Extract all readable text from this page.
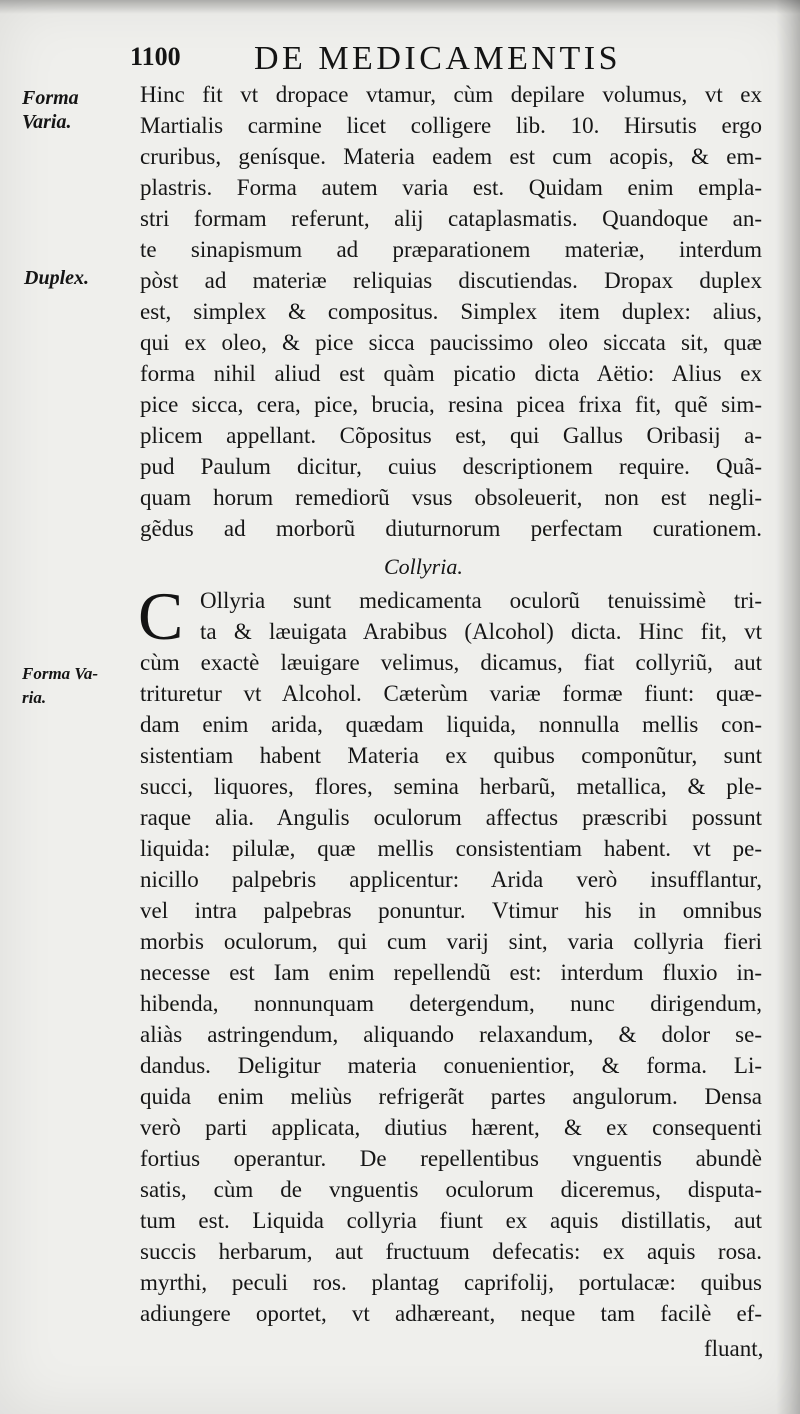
1100 DE MEDICAMENTIS
Forma
Varia.
Duplex.
Forma Va-
ria.
Collyria.
C
Hinc fit vt dropace vtamur, cùm depilare volumus, vt ex
Martialis carmine licet colligere lib. 10. Hirsutis ergo
cruribus, genísque. Materia eadem est cum acopis, & em-
plastris. Forma autem varia est. Quidam enim empla-
stri formam referunt, alij cataplasmatis. Quandoque an-
te sinapismum ad præparationem materiæ, interdum
pòst ad materiæ reliquias discutiendas. Dropax duplex
est, simplex & compositus. Simplex item duplex: alius,
qui ex oleo, & pice sicca paucissimo oleo siccata sit, quæ
forma nihil aliud est quàm picatio dicta Aëtio: Alius ex
pice sicca, cera, pice, brucia, resina picea frixa fit, quẽ sim-
plicem appellant. Cõpositus est, qui Gallus Oribasij a-
pud Paulum dicitur, cuius descriptionem require. Quã-
quam horum remediorũ vsus obsoleuerit, non est negli-
gẽdus ad morborũ diuturnorum perfectam curationem.
Ollyria sunt medicamenta oculorũ tenuissimè tri-
ta & læuigata Arabibus (Alcohol) dicta. Hinc fit, vt
cùm exactè læuigare velimus, dicamus, fiat collyriũ, aut
trituretur vt Alcohol. Cæterùm variæ formæ fiunt: quæ-
dam enim arida, quædam liquida, nonnulla mellis con-
sistentiam habent Materia ex quibus componũtur, sunt
succi, liquores, flores, semina herbarũ, metallica, & ple-
raque alia. Angulis oculorum affectus præscribi possunt
liquida: pilulæ, quæ mellis consistentiam habent. vt pe-
nicillo palpebris applicentur: Arida verò insufflantur,
vel intra palpebras ponuntur. Vtimur his in omnibus
morbis oculorum, qui cum varij sint, varia collyria fieri
necesse est Iam enim repellendũ est: interdum fluxio in-
hibenda, nonnunquam detergendum, nunc dirigendum,
aliàs astringendum, aliquando relaxandum, & dolor se-
dandus. Deligitur materia conuenientior, & forma. Li-
quida enim meliùs refrigerãt partes angulorum. Densa
verò parti applicata, diutius hærent, & ex consequenti
fortius operantur. De repellentibus vnguentis abundè
satis, cùm de vnguentis oculorum diceremus, disputa-
tum est. Liquida collyria fiunt ex aquis distillatis, aut
succis herbarum, aut fructuum defecatis: ex aquis rosa.
myrthi, peculi ros. plantag caprifolij, portulacæ: quibus
adiungere oportet, vt adhæreant, neque tam facilè ef-
fluant,
